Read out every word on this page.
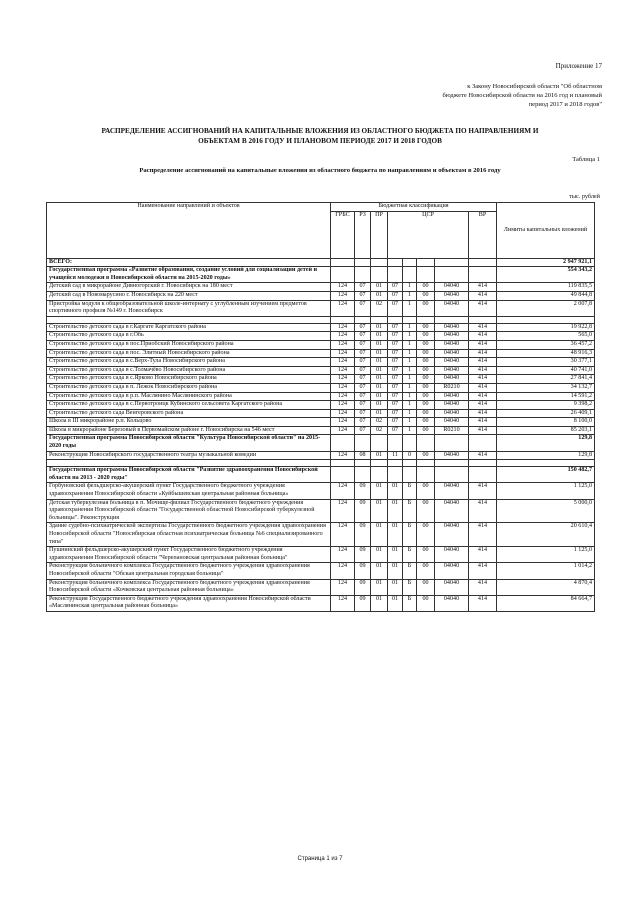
Приложение 17
к Закону Новосибирской области "Об областном
бюджете Новосибирской области на 2016 год и плановый
период 2017 и 2018 годов"
РАСПРЕДЕЛЕНИЕ АССИГНОВАНИЙ НА КАПИТАЛЬНЫЕ ВЛОЖЕНИЯ ИЗ ОБЛАСТНОГО БЮДЖЕТА ПО НАПРАВЛЕНИЯМ И
ОБЪЕКТАМ В 2016 ГОДУ И ПЛАНОВОМ ПЕРИОДЕ 2017 И 2018 ГОДОВ
Таблица 1
Распределение ассигнований на капитальные вложения из областного бюджета по направлениям и объектам в 2016 году
тыс. рублей
Наименование направлений и объектов	Бюджетная классификация								Лимиты капитальных вложений
	ГРБС	РЗ	ПР	ЦСР				ВР	
ВСЕГО:									2 947 921,1
Государственная программа «Развитие образования, создание условий для социализации детей и учащейся молодежи в Новосибирской области на 2015-2020 годы»									554 343,2
Детский сад в микрорайоне Дивногорский г. Новосибирск на 180 мест	124	07	01	07	1	00	04040	414	119 835,5
Детский сад в Новомарусино г. Новосибирск на 220 мест	124	07	01	07	1	00	04040	414	49 844,8
Пристройка модуля к общеобразовательной школе-интернату с углубленным изучением предметов спортивного профиля №149 г. Новосибирск	124	07	02	07	1	00	04040	414	2 007,8

Строительство детского сада в г.Каргате Каргатского района	124	07	01	07	1	00	04040	414	19 922,8
Строительство детского сада в г.Обь	124	07	01	07	1	00	04040	414	565,0
Строительство детского сада в пос.Приобский Новосибирского района	124	07	01	07	1	00	04040	414	36 457,2
Строительство детского сада в пос. Элитный Новосибирского района	124	07	01	07	1	00	04040	414	48 916,3
Строительство детского сада в с.Верх-Тула Новосибирского района	124	07	01	07	1	00	04040	414	30 377,1
Строительство детского сада в с.Толмачёво Новосибирского района	124	07	01	07	1	00	04040	414	40 741,0
Строительство детского сада в с.Ярково Новосибирского района	124	07	01	07	1	00	04040	414	27 841,4
Строительство детского сада в п. Лежок Новосибирского района	124	07	01	07	1	00	R0210	414	34 132,7
Строительство детского сада в р.п. Маслянино Маслянинского района	124	07	01	07	1	00	04040	414	14 591,2
Строительство детского сада в с.Первотроицк Кубинского сельсовета Каргатского района	124	07	01	07	1	00	04040	414	9 398,2
Строительство детского сада Венгеровского района	124	07	01	07	1	00	04040	414	26 409,1
Школа в III микрорайоне р.п. Кольцово	124	07	02	07	1	00	04040	414	8 100,0
Школа в микрорайоне Березовый в Первомайском районе г. Новосибирска на 546 мест	124	07	02	07	1	00	R0210	414	85 203,1
Государственная программа Новосибирской области "Культура Новосибирской области" на 2015-2020 годы									129,8
Реконструкция Новосибирского государственного театра музыкальной комедии	124	08	01	11	0	00	04040	414	129,8

Государственная программа Новосибирской области "Развитие здравоохранения Новосибирской области на 2013 - 2020 годы"									150 482,7
Горбуновский фельдшерско-акушерский пункт Государственного бюджетного учреждения здравоохранения Новосибирской области «Куйбышевская центральная районная больница»	124	09	01	01	Б	00	04040	414	1 125,0
Детская туберкулезная больница в п. Мочище-филиал Государственного бюджетного учреждения здравоохранения Новосибирской области "Государственной областной Новосибирской туберкулезной больницы". Реконструкция	124	09	01	01	Б	00	04040	414	5 000,0
Здание судебно-психиатрической экспертизы Государственного бюджетного учреждения здравоохранения Новосибирской области "Новосибирская областная психиатрическая больница №6 специализированного типа"	124	09	01	01	Б	00	04040	414	20 610,4
Пушнинский фельдшерско-акушерский пункт Государственного бюджетного учреждения здравоохранения Новосибирской области "Черепановская центральная районная больница"	124	09	01	01	Б	00	04040	414	1 125,0
Реконструкция больничного комплекса Государственного бюджетного учреждения здравоохранения Новосибирской области "Обская центральная городская больница"	124	09	01	01	Б	00	04040	414	1 014,2
Реконструкция больничного комплекса Государственного бюджетного учреждения здравоохранения Новосибирской области «Кочковская центральная районная больница»	124	09	01	01	Б	00	04040	414	4 870,4
Реконструкция Государственного бюджетного учреждения здравоохранения Новосибирской области «Маслянинская центральная районная больница»	124	09	01	01	Б	00	04040	414	84 664,7
Страница 1 из 7
